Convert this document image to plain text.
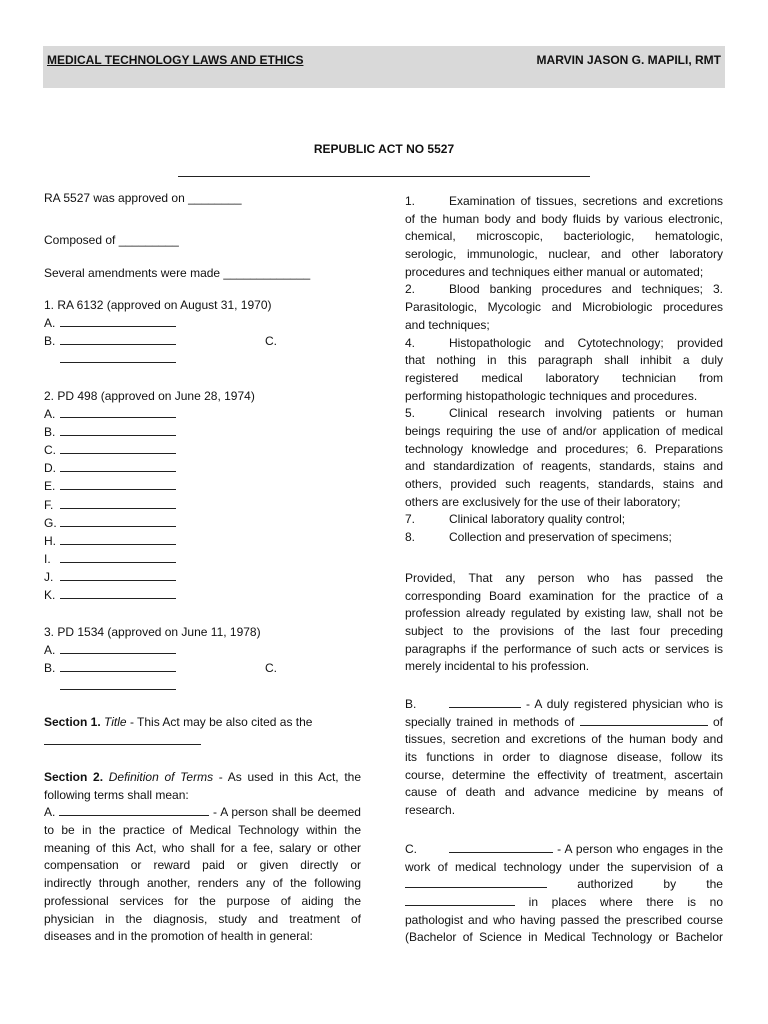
MEDICAL TECHNOLOGY LAWS AND ETHICS	MARVIN JASON G. MAPILI, RMT
REPUBLIC ACT NO 5527
RA 5527 was approved on ________
Composed of _________
Several amendments were made _____________
1. RA 6132 (approved on August 31, 1970)
A.
B.	C.
2. PD 498 (approved on June 28, 1974)
A.
B.
C.
D.
E.
F.
G.
H.
I.
J.
K.
3. PD 1534 (approved on June 11, 1978)
A.
B.	C.
Section 1. Title - This Act may be also cited as the
Section 2. Definition of Terms - As used in this Act, the
following terms shall mean:
A.	- A person shall be deemed
to be in the practice of Medical Technology within the
meaning of this Act, who shall for a fee, salary or other
compensation or reward paid or given directly or
indirectly through another, renders any of the following
professional services for the purpose of aiding the
physician in the diagnosis, study and treatment of
diseases and in the promotion of health in general:
1.	Examination of tissues, secretions and excretions
of the human body and body fluids by various electronic,
chemical, microscopic, bacteriologic, hematologic,
serologic, immunologic, nuclear, and other laboratory
procedures and techniques either manual or automated;
2.	Blood banking procedures and techniques; 3.
Parasitologic, Mycologic and Microbiologic procedures
and techniques;
4.	Histopathologic and Cytotechnology; provided
that nothing in this paragraph shall inhibit a duly
registered medical laboratory technician from
performing histopathologic techniques and procedures.
5.	Clinical research involving patients or human
beings requiring the use of and/or application of medical
technology knowledge and procedures; 6. Preparations
and standardization of reagents, standards, stains and
others, provided such reagents, standards, stains and
others are exclusively for the use of their laboratory;
7.	Clinical laboratory quality control;
8.	Collection and preservation of specimens;
Provided, That any person who has passed the
corresponding Board examination for the practice of a
profession already regulated by existing law, shall not be
subject to the provisions of the last four preceding
paragraphs if the performance of such acts or services is
merely incidental to his profession.
B.	- A duly registered physician who is
specially trained in methods of	of
tissues, secretion and excretions of the human body and
its functions in order to diagnose disease, follow its
course, determine the effectivity of treatment, ascertain
cause of death and advance medicine by means of
research.
C.	- A person who engages in the
work of medical technology under the supervision of a
authorized	by	the
in places where there is no
pathologist and who having passed the prescribed course
(Bachelor of Science in Medical Technology or Bachelor
